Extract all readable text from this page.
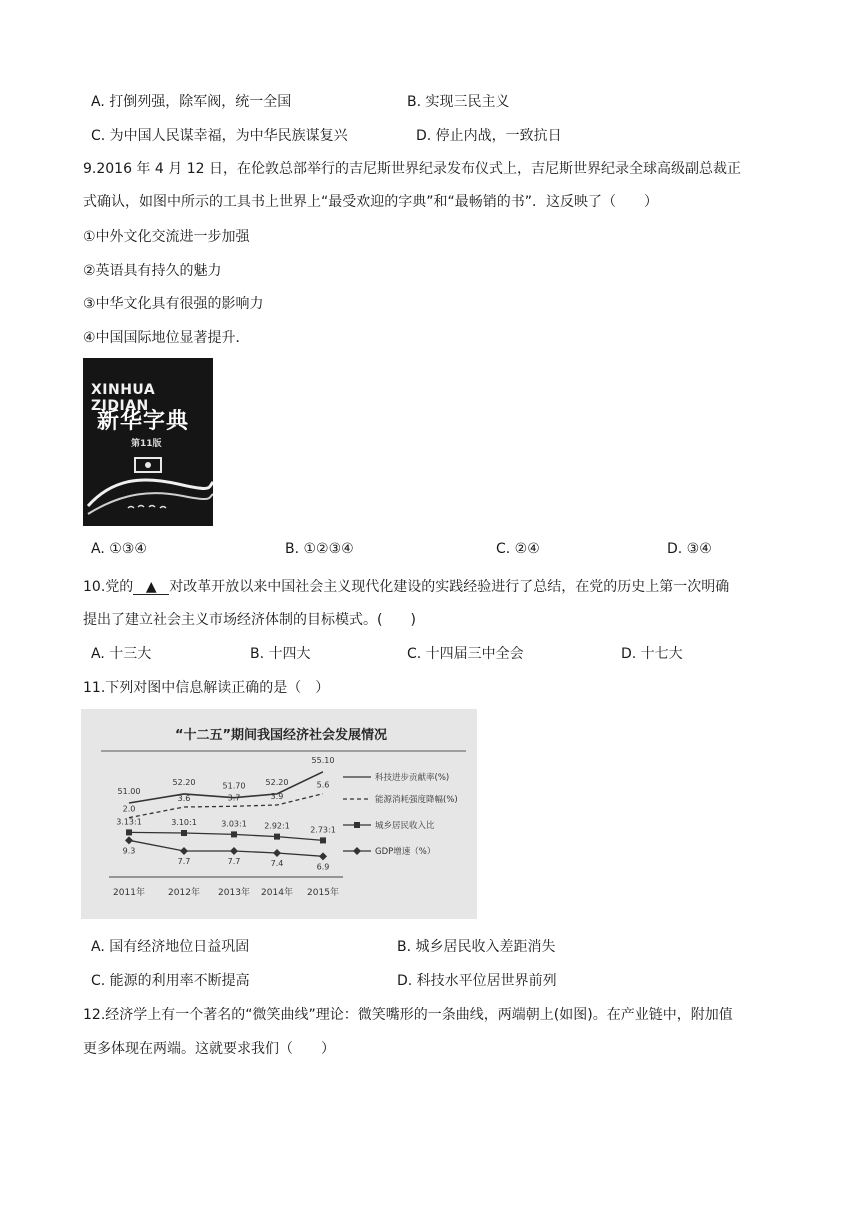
A. 打倒列强，除军阀，统一全国	B. 实现三民主义
C. 为中国人民谋幸福，为中华民族谋复兴	D. 停止内战，一致抗日
9.2016 年 4 月 12 日，在伦敦总部举行的吉尼斯世界纪录发布仪式上，吉尼斯世界纪录全球高级副总裁正
式确认，如图中所示的工具书上世界上“最受欢迎的字典”和“最畅销的书”．这反映了（　　）
①中外文化交流进一步加强
②英语具有持久的魅力
③中华文化具有很强的影响力
④中国国际地位显著提升．
XINHUA ZIDIAN
新华字典
第11版
A. ①③④	B. ①②③④	C. ②④	D. ③④
10.党的 ▲ 对改革开放以来中国社会主义现代化建设的实践经验进行了总结，在党的历史上第一次明确
提出了建立社会主义市场经济体制的目标模式。(　　)
A. 十三大	B. 十四大	C. 十四届三中全会	D. 十七大
11.下列对图中信息解读正确的是（　）
“十二五”期间我国经济社会发展情况
51.00
52.20	51.70	52.20
55.10
科技进步贡献率(%)
2.0
3.6	3.7	3.9
5.6
能源消耗强度降幅(%)
3.13:1	3.10:1	3.03:1 2.92:1	2.73:1	城乡居民收入比
9.3
7.7	7.7	7.4	6.9
GDP增速（%）
2011年	2012年 2013年 2014年 2015年
A. 国有经济地位日益巩固	B. 城乡居民收入差距消失
C. 能源的利用率不断提高	D. 科技水平位居世界前列
12.经济学上有一个著名的“微笑曲线”理论：微笑嘴形的一条曲线，两端朝上(如图)。在产业链中，附加值
更多体现在两端。这就要求我们（　　）
